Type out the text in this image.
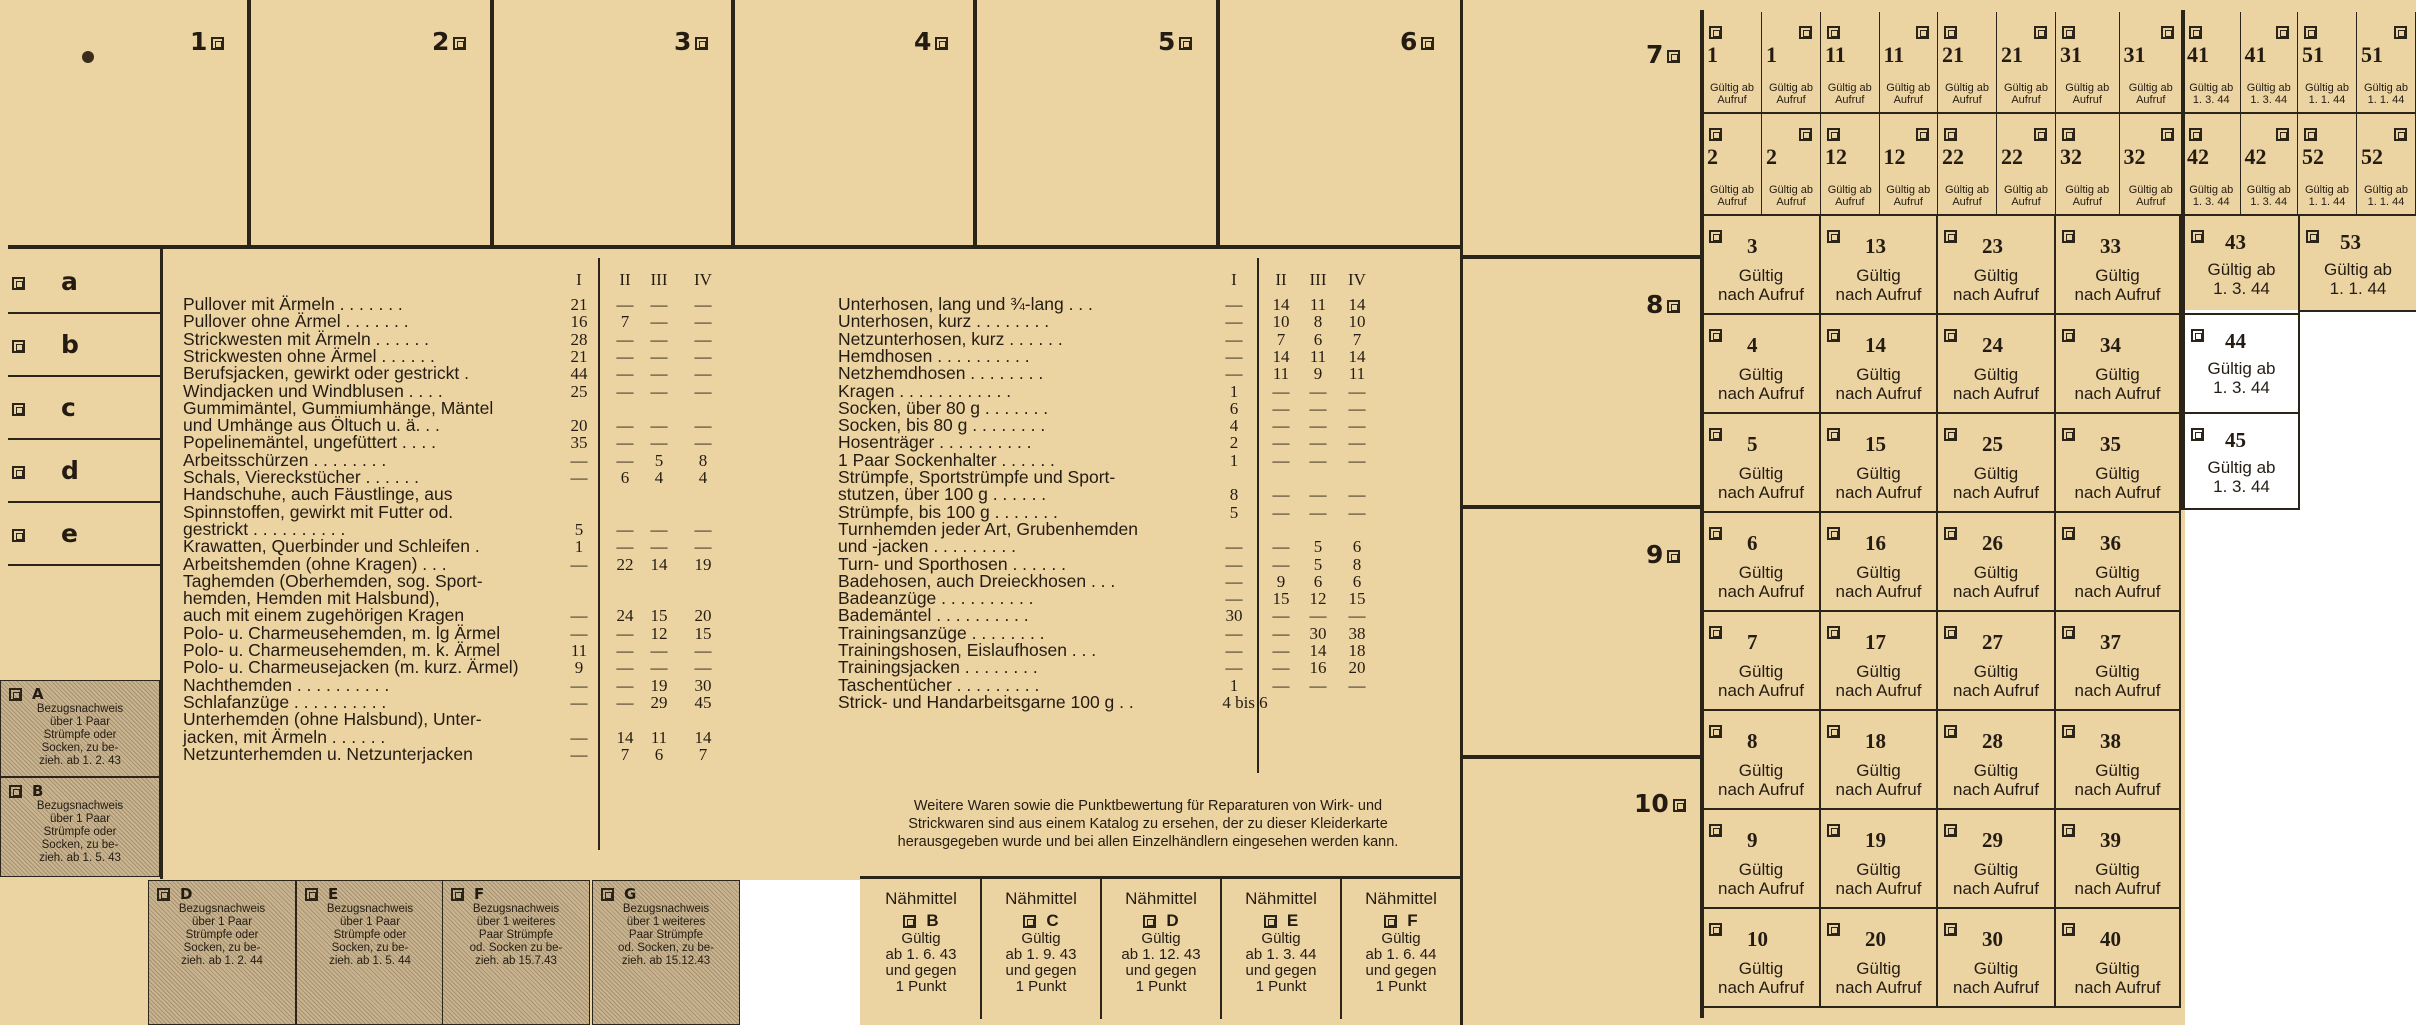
1	2	3	4	5	6
a
b
c
d
e
I	II	III IV
Pullover mit Ärmeln . . . . . . .	21 — — —
Pullover ohne Ärmel . . . . . . .	16	7	— —
Strickwesten mit Ärmeln . . . . . .	28 — — —
Strickwesten ohne Ärmel . . . . . .	21 — — —
Berufsjacken, gewirkt oder gestrickt .	44 — — —
Windjacken und Windblusen . . . .	25 — — —
Gummimäntel, Gummiumhänge, Mäntel
und Umhänge aus Öltuch u. ä. . .	20 — — —
Popelinemäntel, ungefüttert . . . .	35 — — —
Arbeitsschürzen . . . . . . . .	— —	5	8
Schals, Viereckstücher . . . . . .	—	6	4	4
Handschuhe, auch Fäustlinge, aus
Spinnstoffen, gewirkt mit Futter od.
gestrickt . . . . . . . . . .	5	— — —
Krawatten, Querbinder und Schleifen .	1	— — —
Arbeitshemden (ohne Kragen) . . .	— 22 14 19
Taghemden (Oberhemden, sog. Sport-
hemden, Hemden mit Halsbund),
auch mit einem zugehörigen Kragen	— 24 15 20
Polo- u. Charmeusehemden, m. lg Ärmel	— — 12 15
Polo- u. Charmeusehemden, m. k. Ärmel	11 — — —
Polo- u. Charmeusejacken (m. kurz. Ärmel)	9	— — —
Nachthemden . . . . . . . . . .	— — 19 30
Schlafanzüge . . . . . . . . . .	— — 29 45
Unterhemden (ohne Halsbund), Unter-
jacken, mit Ärmeln . . . . . .	— 14 11 14
Netzunterhemden u. Netzunterjacken	—	7	6	7
I	II	III IV
Unterhosen, lang und ¾-lang . . .	— 14 11 14
Unterhosen, kurz . . . . . . . .	— 10	8	10
Netzunterhosen, kurz . . . . . .	—	7	6	7
Hemdhosen . . . . . . . . . .	— 14 11 14
Netzhemdhosen . . . . . . . .	— 11	9	11
Kragen . . . . . . . . . . . .	1	— — —
Socken, über 80 g . . . . . . .	6	— — —
Socken, bis 80 g . . . . . . . .	4	— — —
Hosenträger . . . . . . . . . .	2	— — —
1 Paar Sockenhalter . . . . . .	1	— — —
Strümpfe, Sportstrümpfe und Sport-
stutzen, über 100 g . . . . . .	8	— — —
Strümpfe, bis 100 g . . . . . . .	5	— — —
Turnhemden jeder Art, Grubenhemden
und -jacken . . . . . . . . .	— —	5	6
Turn- und Sporthosen . . . . . .	— —	5	8
Badehosen, auch Dreieckhosen . . .	—	9	6	6
Badeanzüge . . . . . . . . . .	— 15 12 15
Bademäntel . . . . . . . . . .	30 — — —
Trainingsanzüge . . . . . . . .	— — 30 38
Trainingshosen, Eislaufhosen . . .	— — 14 18
Trainingsjacken . . . . . . . .	— — 16 20
Taschentücher . . . . . . . . .	1	— — —
Strick- und Handarbeitsgarne 100 g . .	4 bis 6
Weitere Waren sowie die Punktbewertung für Reparaturen von Wirk- und
Strickwaren sind aus einem Katalog zu ersehen, der zu dieser Kleiderkarte
herausgegeben wurde und bei allen Einzelhändlern eingesehen werden kann.
A
Bezugsnachweis
über 1 Paar
Strümpfe oder
Socken, zu be-
zieh. ab 1. 2. 43
B
Bezugsnachweis
über 1 Paar
Strümpfe oder
Socken, zu be-
zieh. ab 1. 5. 43
D
Bezugsnachweis
über 1 Paar
Strümpfe oder
Socken, zu be-
zieh. ab 1. 2. 44
E
Bezugsnachweis
über 1 Paar
Strümpfe oder
Socken, zu be-
zieh. ab 1. 5. 44
F
Bezugsnachweis
über 1 weiteres
Paar Strümpfe
od. Socken zu be-
zieh. ab 15.7.43
G
Bezugsnachweis
über 1 weiteres
Paar Strümpfe
od. Socken, zu be-
zieh. ab 15.12.43
Nähmittel
B
Gültig
ab 1. 6. 43
und gegen
1 Punkt
Nähmittel
C
Gültig
ab 1. 9. 43
und gegen
1 Punkt
Nähmittel
D
Gültig
ab 1. 12. 43
und gegen
1 Punkt
Nähmittel
E
Gültig
ab 1. 3. 44
und gegen
1 Punkt
Nähmittel
F
Gültig
ab 1. 6. 44
und gegen
1 Punkt
7
8
9
10
1
Gültig ab
Aufruf
1
Gültig ab
Aufruf
11
Gültig ab
Aufruf
11
Gültig ab
Aufruf
21
Gültig ab
Aufruf
21
Gültig ab
Aufruf
31
Gültig ab
Aufruf
31
Gültig ab
Aufruf
41
Gültig ab
1. 3. 44
41
Gültig ab
1. 3. 44
51
Gültig ab
1. 1. 44
51
Gültig ab
1. 1. 44
2
Gültig ab
Aufruf
2
Gültig ab
Aufruf
12
Gültig ab
Aufruf
12
Gültig ab
Aufruf
22
Gültig ab
Aufruf
22
Gültig ab
Aufruf
32
Gültig ab
Aufruf
32
Gültig ab
Aufruf
42
Gültig ab
1. 3. 44
42
Gültig ab
1. 3. 44
52
Gültig ab
1. 1. 44
52
Gültig ab
1. 1. 44
3
Gültig
nach Aufruf
4
Gültig
nach Aufruf
5
Gültig
nach Aufruf
6
Gültig
nach Aufruf
7
Gültig
nach Aufruf
8
Gültig
nach Aufruf
9
Gültig
nach Aufruf
10
Gültig
nach Aufruf
13
Gültig
nach Aufruf
14
Gültig
nach Aufruf
15
Gültig
nach Aufruf
16
Gültig
nach Aufruf
17
Gültig
nach Aufruf
18
Gültig
nach Aufruf
19
Gültig
nach Aufruf
20
Gültig
nach Aufruf
23
Gültig
nach Aufruf
24
Gültig
nach Aufruf
25
Gültig
nach Aufruf
26
Gültig
nach Aufruf
27
Gültig
nach Aufruf
28
Gültig
nach Aufruf
29
Gültig
nach Aufruf
30
Gültig
nach Aufruf
33
Gültig
nach Aufruf
34
Gültig
nach Aufruf
35
Gültig
nach Aufruf
36
Gültig
nach Aufruf
37
Gültig
nach Aufruf
38
Gültig
nach Aufruf
39
Gültig
nach Aufruf
40
Gültig
nach Aufruf
43
Gültig ab
1. 3. 44
53
Gültig ab
1. 1. 44
44
Gültig ab
1. 3. 44
45
Gültig ab
1. 3. 44
